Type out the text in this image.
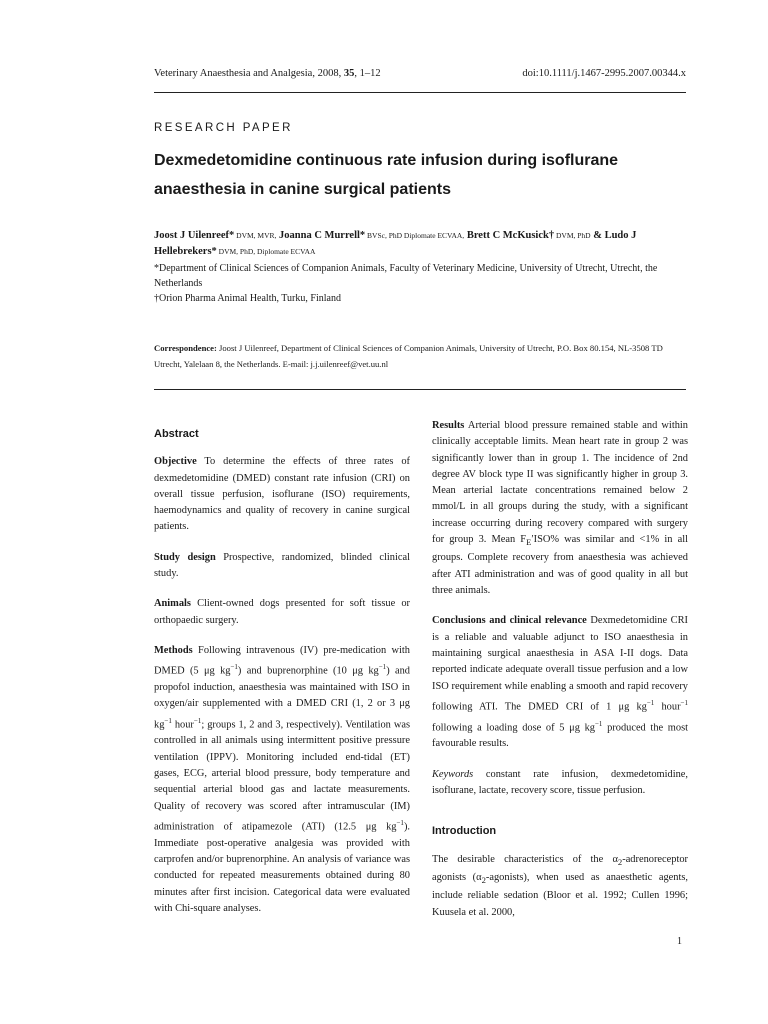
Veterinary Anaesthesia and Analgesia, 2008, 35, 1–12	doi:10.1111/j.1467-2995.2007.00344.x
RESEARCH PAPER
Dexmedetomidine continuous rate infusion during isoflurane anaesthesia in canine surgical patients
Joost J Uilenreef* DVM, MVR, Joanna C Murrell* BVSc, PhD Diplomate ECVAA, Brett C McKusick† DVM, PhD & Ludo J Hellebrekers* DVM, PhD, Diplomate ECVAA
*Department of Clinical Sciences of Companion Animals, Faculty of Veterinary Medicine, University of Utrecht, Utrecht, the Netherlands
†Orion Pharma Animal Health, Turku, Finland
Correspondence: Joost J Uilenreef, Department of Clinical Sciences of Companion Animals, University of Utrecht, P.O. Box 80.154, NL-3508 TD Utrecht, Yalelaan 8, the Netherlands. E-mail: j.j.uilenreef@vet.uu.nl
Abstract

Objective To determine the effects of three rates of dexmedetomidine (DMED) constant rate infusion (CRI) on overall tissue perfusion, isoflurane (ISO) requirements, haemodynamics and quality of recovery in canine surgical patients.

Study design Prospective, randomized, blinded clinical study.

Animals Client-owned dogs presented for soft tissue or orthopaedic surgery.

Methods Following intravenous (IV) pre-medication with DMED (5 μg $kg^{-1}$) and buprenorphine (10 μg $kg^{-1}$) and propofol induction, anaesthesia was maintained with ISO in oxygen/air supplemented with a DMED CRI (1, 2 or 3 μg $kg^{-1}$ hour$^{-1}$; groups 1, 2 and 3, respectively). Ventilation was controlled in all animals using intermittent positive pressure ventilation (IPPV). Monitoring included end-tidal (ET) gases, ECG, arterial blood pressure, body temperature and sequential arterial blood gas and lactate measurements. Quality of recovery was scored after intramuscular (IM) administration of atipamezole (ATI) (12.5 μg $kg^{-1}$). Immediate post-operative analgesia was provided with carprofen and/or buprenorphine. An analysis of variance was conducted for repeated measurements obtained during 80 minutes after first incision. Categorical data were evaluated with Chi-square analyses.

Results Arterial blood pressure remained stable and within clinically acceptable limits. Mean heart rate in group 2 was significantly lower than in group 1. The incidence of 2nd degree AV block type II was significantly higher in group 3. Mean arterial lactate concentrations remained below 2 mmol/L in all groups during the study, with a significant increase occurring during recovery compared with surgery for group 3. Mean $F_E'ISO\%$ was similar and <1% in all groups. Complete recovery from anaesthesia was achieved after ATI administration and was of good quality in all but three animals.

Conclusions and clinical relevance Dexmedetomidine CRI is a reliable and valuable adjunct to ISO anaesthesia in maintaining surgical anaesthesia in ASA I-II dogs. Data reported indicate adequate overall tissue perfusion and a low ISO requirement while enabling a smooth and rapid recovery following ATI. The DMED CRI of 1 μg $kg^{-1}$ hour$^{-1}$ following a loading dose of 5 μg $kg^{-1}$ produced the most favourable results.

Keywords constant rate infusion, dexmedetomidine, isoflurane, lactate, recovery score, tissue perfusion.

Introduction

The desirable characteristics of the $\alpha_2$-adrenoreceptor agonists $(\alpha_2-agonists)$, when used as anaesthetic agents, include reliable sedation (Bloor et al. 1992; Cullen 1996; Kuusela et al. 2000,

1
